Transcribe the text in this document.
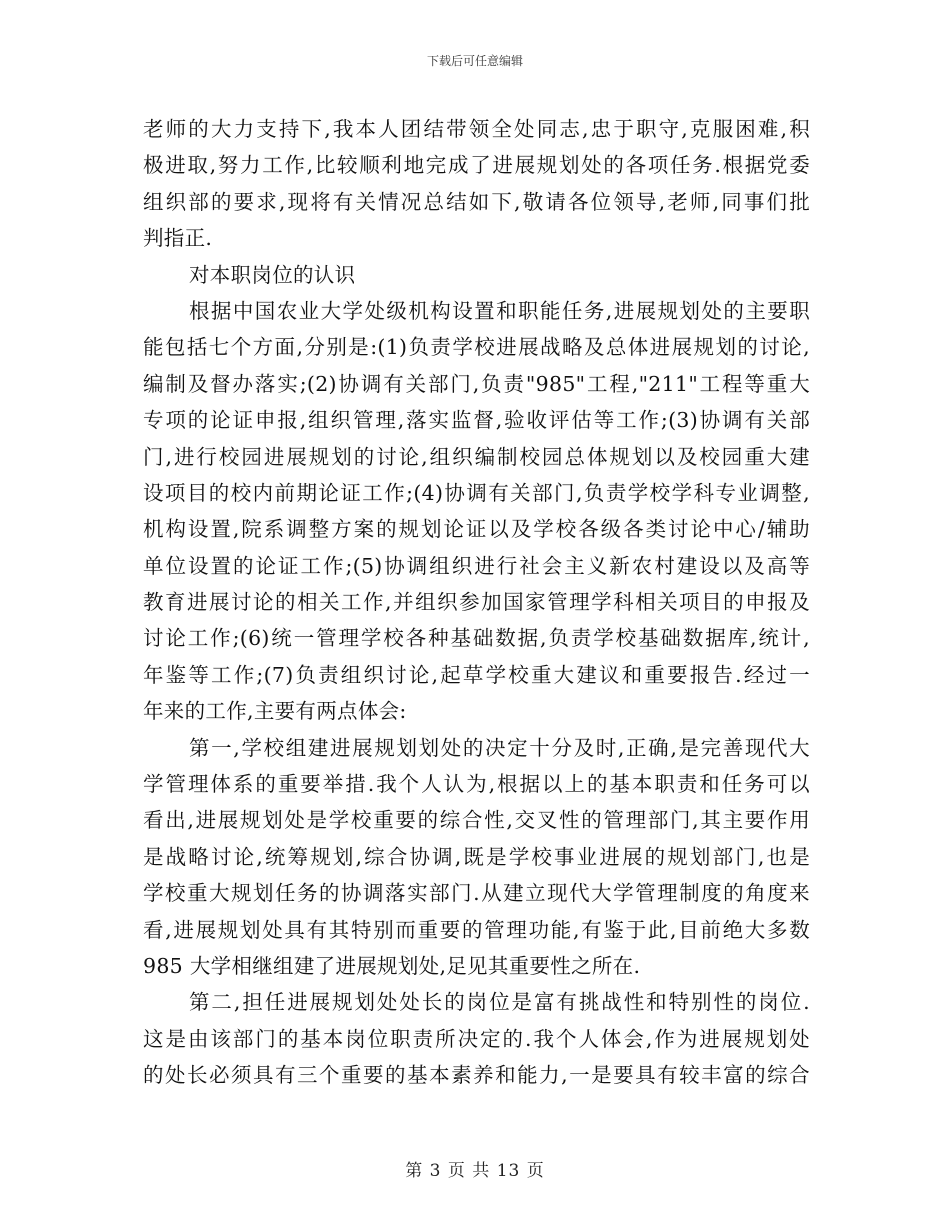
下载后可任意编辑
老师的大力支持下,我本人团结带领全处同志,忠于职守,克服困难,积
极进取,努力工作,比较顺利地完成了进展规划处的各项任务.根据党委
组织部的要求,现将有关情况总结如下,敬请各位领导,老师,同事们批
判指正.
对本职岗位的认识
根据中国农业大学处级机构设置和职能任务,进展规划处的主要职
能包括七个方面,分别是:(1)负责学校进展战略及总体进展规划的讨论,
编制及督办落实;(2)协调有关部门,负责"985"工程,"211"工程等重大
专项的论证申报,组织管理,落实监督,验收评估等工作;(3)协调有关部
门,进行校园进展规划的讨论,组织编制校园总体规划以及校园重大建
设项目的校内前期论证工作;(4)协调有关部门,负责学校学科专业调整,
机构设置,院系调整方案的规划论证以及学校各级各类讨论中心/辅助
单位设置的论证工作;(5)协调组织进行社会主义新农村建设以及高等
教育进展讨论的相关工作,并组织参加国家管理学科相关项目的申报及
讨论工作;(6)统一管理学校各种基础数据,负责学校基础数据库,统计,
年鉴等工作;(7)负责组织讨论,起草学校重大建议和重要报告.经过一
年来的工作,主要有两点体会:
第一,学校组建进展规划划处的决定十分及时,正确,是完善现代大
学管理体系的重要举措.我个人认为,根据以上的基本职责和任务可以
看出,进展规划处是学校重要的综合性,交叉性的管理部门,其主要作用
是战略讨论,统筹规划,综合协调,既是学校事业进展的规划部门,也是
学校重大规划任务的协调落实部门.从建立现代大学管理制度的角度来
看,进展规划处具有其特别而重要的管理功能,有鉴于此,目前绝大多数
985 大学相继组建了进展规划处,足见其重要性之所在.
第二,担任进展规划处处长的岗位是富有挑战性和特别性的岗位.
这是由该部门的基本岗位职责所决定的.我个人体会,作为进展规划处
的处长必须具有三个重要的基本素养和能力,一是要具有较丰富的综合
第 3 页 共 13 页
